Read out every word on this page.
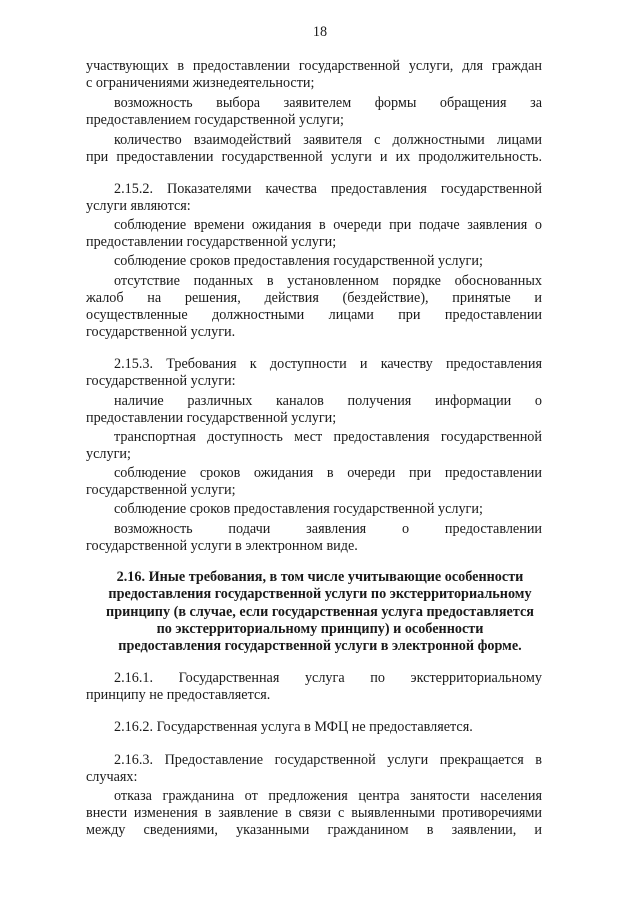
18
участвующих в предоставлении государственной услуги, для граждан
с ограничениями жизнедеятельности;
возможность выбора заявителем формы обращения за
предоставлением государственной услуги;
количество взаимодействий заявителя с должностными лицами
при предоставлении государственной услуги и их продолжительность.
2.15.2. Показателями качества предоставления государственной
услуги являются:
соблюдение времени ожидания в очереди при подаче заявления о
предоставлении государственной услуги;
соблюдение сроков предоставления государственной услуги;
отсутствие поданных в установленном порядке обоснованных
жалоб на решения, действия (бездействие), принятые и
осуществленные должностными лицами при предоставлении
государственной услуги.
2.15.3. Требования к доступности и качеству предоставления
государственной услуги:
наличие различных каналов получения информации о
предоставлении государственной услуги;
транспортная доступность мест предоставления государственной
услуги;
соблюдение сроков ожидания в очереди при предоставлении
государственной услуги;
соблюдение сроков предоставления государственной услуги;
возможность подачи заявления о предоставлении
государственной услуги в электронном виде.
2.16. Иные требования, в том числе учитывающие особенности
предоставления государственной услуги по экстерриториальному
принципу (в случае, если государственная услуга предоставляется
по экстерриториальному принципу) и особенности
предоставления государственной услуги в электронной форме.
2.16.1. Государственная услуга по экстерриториальному
принципу не предоставляется.
2.16.2. Государственная услуга в МФЦ не предоставляется.
2.16.3. Предоставление государственной услуги прекращается в
случаях:
отказа гражданина от предложения центра занятости населения
внести изменения в заявление в связи с выявленными противоречиями
между сведениями, указанными гражданином в заявлении, и
